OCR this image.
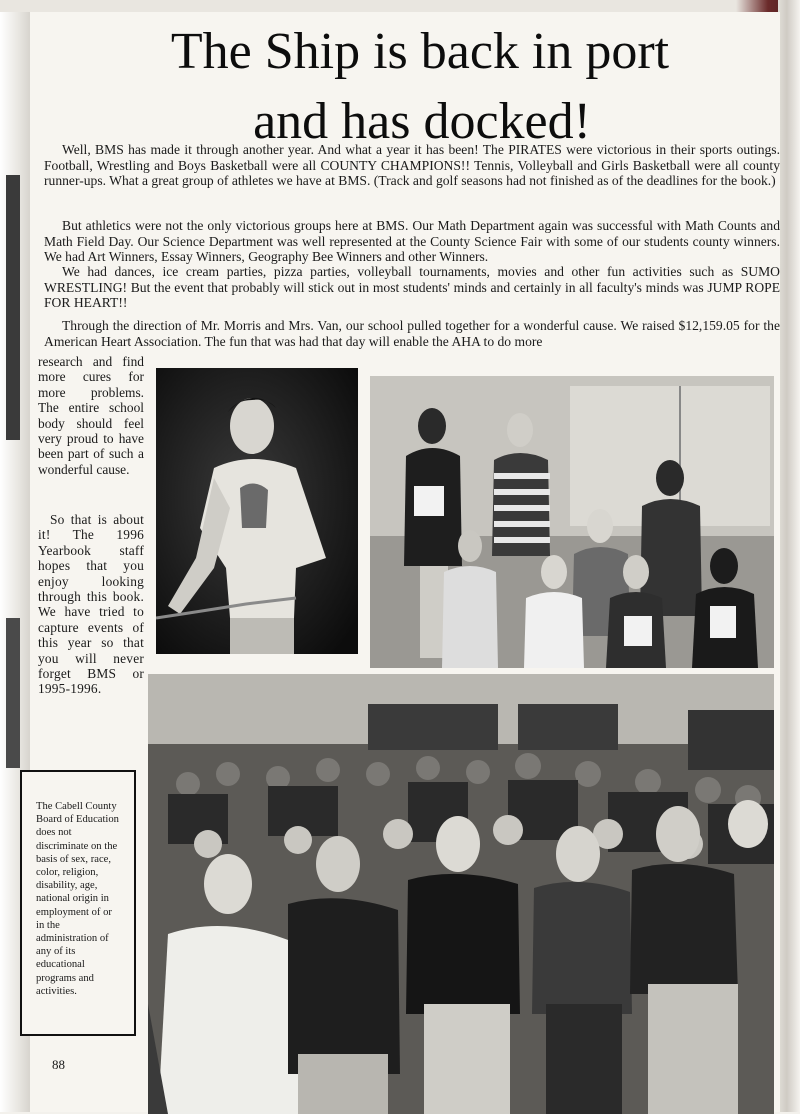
The Ship is back in port
and has docked!

Well, BMS has made it through another year. And what a year it has been! The PIRATES were victorious in their sports outings. Football, Wrestling and Boys Basketball were all COUNTY CHAMPIONS!! Tennis, Volleyball and Girls Basketball were all county runner-ups. What a great group of athletes we have at BMS. (Track and golf seasons had not finished as of the deadlines for the book.)

But athletics were not the only victorious groups here at BMS. Our Math Department again was successful with Math Counts and Math Field Day. Our Science Department was well represented at the County Science Fair with some of our students county winners. We had Art Winners, Essay Winners, Geography Bee Winners and other Winners.

We had dances, ice cream parties, pizza parties, volleyball tournaments, movies and other fun activities such as SUMO WRESTLING! But the event that probably will stick out in most students' minds and certainly in all faculty's minds was JUMP ROPE FOR HEART!!

Through the direction of Mr. Morris and Mrs. Van, our school pulled together for a wonderful cause. We raised $12,159.05 for the American Heart Association. The fun that was had that day will enable the AHA to do more

research and find more cures for more problems. The entire school body should feel very proud to have been part of such a wonderful cause.

So that is about it! The 1996 Yearbook staff hopes that you enjoy looking through this book. We have tried to capture events of this year so that you will never forget BMS or 1995-1996.

The Cabell County Board of Education does not discriminate on the basis of sex, race, color, religion, disability, age, national origin in employment of or in the administration of any of its educational programs and activities.

88
